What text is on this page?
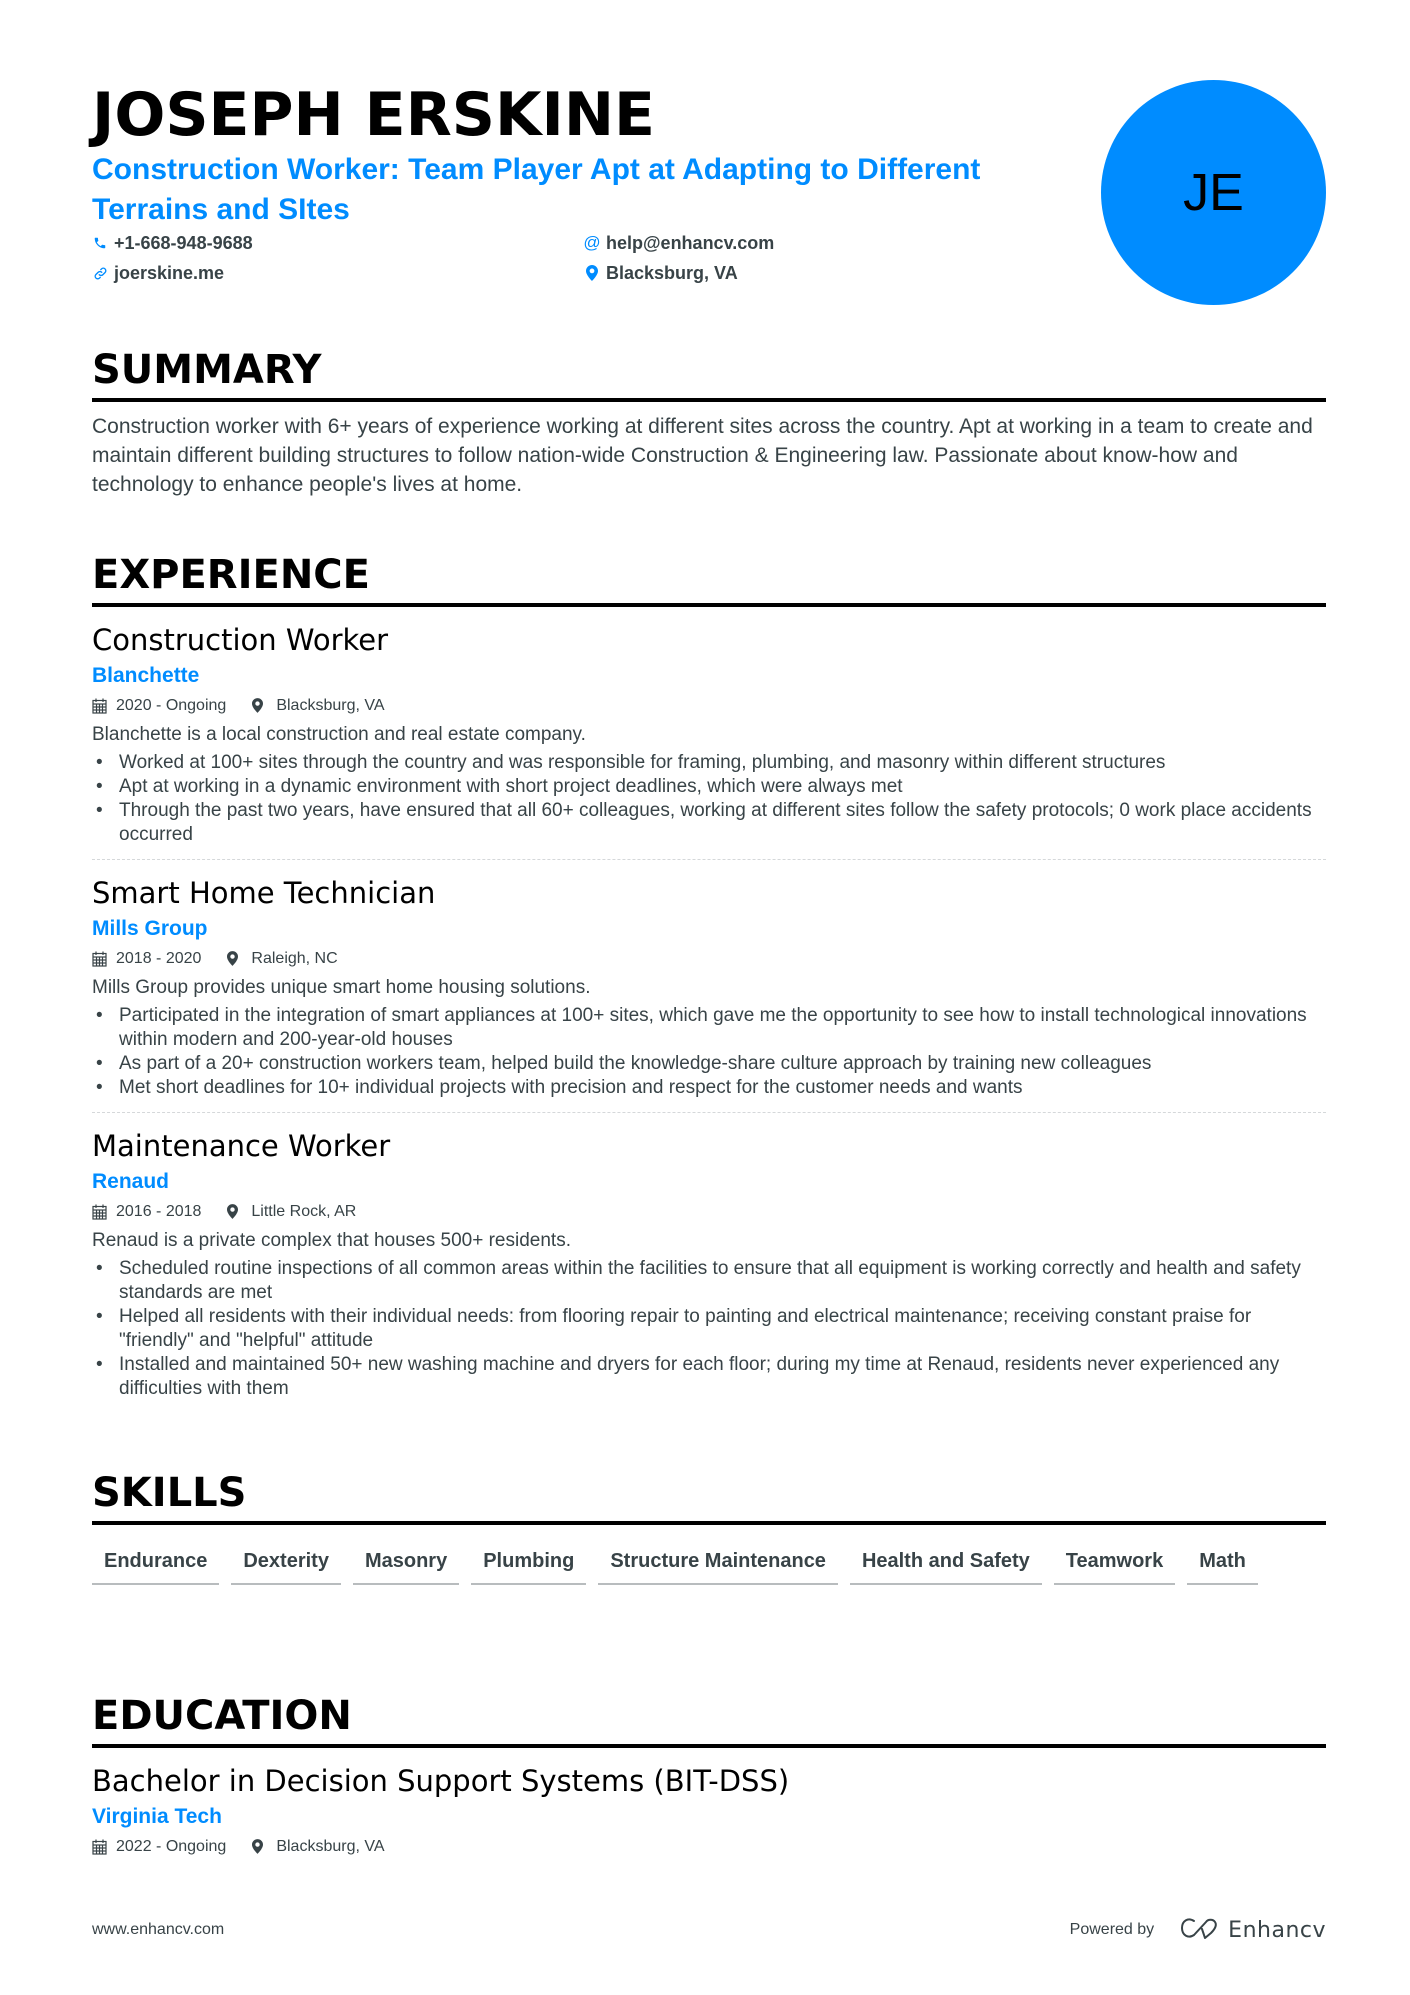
JOSEPH ERSKINE
Construction Worker: Team Player Apt at Adapting to Different Terrains and SItes
+1-668-948-9688	@ help@enhancv.com
joerskine.me	Blacksburg, VA
JE
SUMMARY

Construction worker with 6+ years of experience working at different sites across the country. Apt at working in a team to create and maintain different building structures to follow nation-wide Construction & Engineering law. Passionate about know-how and technology to enhance people's lives at home.

EXPERIENCE
Construction Worker
Blanchette
2020 - Ongoing	Blacksburg, VA
Blanchette is a local construction and real estate company.
• Worked at 100+ sites through the country and was responsible for framing, plumbing, and masonry within different structures
• Apt at working in a dynamic environment with short project deadlines, which were always met
• Through the past two years, have ensured that all 60+ colleagues, working at different sites follow the safety protocols; 0 work place accidents occurred
Smart Home Technician
Mills Group
2018 - 2020	Raleigh, NC
Mills Group provides unique smart home housing solutions.
• Participated in the integration of smart appliances at 100+ sites, which gave me the opportunity to see how to install technological innovations within modern and 200-year-old houses
• As part of a 20+ construction workers team, helped build the knowledge-share culture approach by training new colleagues
• Met short deadlines for 10+ individual projects with precision and respect for the customer needs and wants
Maintenance Worker
Renaud
2016 - 2018	Little Rock, AR
Renaud is a private complex that houses 500+ residents.
• Scheduled routine inspections of all common areas within the facilities to ensure that all equipment is working correctly and health and safety standards are met
• Helped all residents with their individual needs: from flooring repair to painting and electrical maintenance; receiving constant praise for "friendly" and "helpful" attitude
• Installed and maintained 50+ new washing machine and dryers for each floor; during my time at Renaud, residents never experienced any difficulties with them
SKILLS
Endurance	Dexterity	Masonry	Plumbing	Structure Maintenance	Health and Safety	Teamwork	Math
EDUCATION
Bachelor in Decision Support Systems (BIT-DSS)
Virginia Tech
2022 - Ongoing	Blacksburg, VA
www.enhancv.com	Powered by	Enhancv
